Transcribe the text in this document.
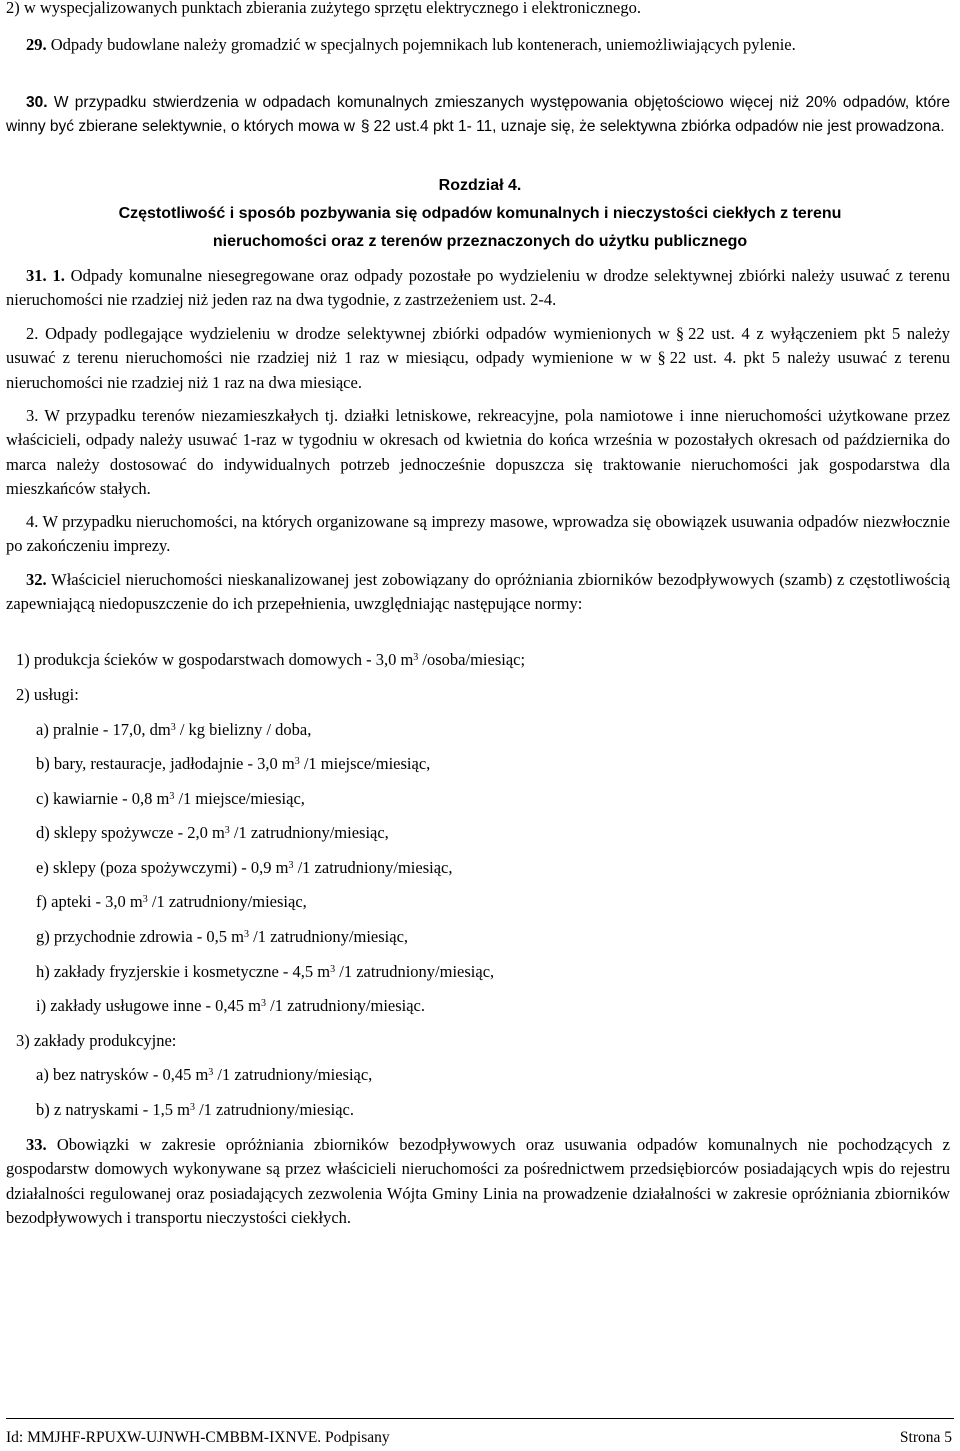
2) w wyspecjalizowanych punktach zbierania zużytego sprzętu elektrycznego i elektronicznego.

29. Odpady budowlane należy gromadzić w specjalnych pojemnikach lub kontenerach, uniemożliwiających pylenie.

30. W przypadku stwierdzenia w odpadach komunalnych zmieszanych występowania objętościowo więcej niż 20% odpadów, które winny być zbierane selektywnie, o których mowa w § 22 ust.4 pkt 1- 11, uznaje się, że selektywna zbiórka odpadów nie jest prowadzona.

Rozdział 4.
Częstotliwość i sposób pozbywania się odpadów komunalnych i nieczystości ciekłych z terenu
nieruchomości oraz z terenów przeznaczonych do użytku publicznego

31. 1. Odpady komunalne niesegregowane oraz odpady pozostałe po wydzieleniu w drodze selektywnej zbiórki należy usuwać z terenu nieruchomości nie rzadziej niż jeden raz na dwa tygodnie, z zastrzeżeniem ust. 2-4.

2. Odpady podlegające wydzieleniu w drodze selektywnej zbiórki odpadów wymienionych w § 22 ust. 4 z wyłączeniem pkt 5 należy usuwać z terenu nieruchomości nie rzadziej niż 1 raz w miesiącu, odpady wymienione w w § 22 ust. 4. pkt 5 należy usuwać z terenu nieruchomości nie rzadziej niż 1 raz na dwa miesiące.

3. W przypadku terenów niezamieszkałych tj. działki letniskowe, rekreacyjne, pola namiotowe i inne nieruchomości użytkowane przez właścicieli, odpady należy usuwać 1-raz w tygodniu w okresach od kwietnia do końca września w pozostałych okresach od października do marca należy dostosować do indywidualnych potrzeb jednocześnie dopuszcza się traktowanie nieruchomości jak gospodarstwa dla mieszkańców stałych.

4. W przypadku nieruchomości, na których organizowane są imprezy masowe, wprowadza się obowiązek usuwania odpadów niezwłocznie po zakończeniu imprezy.

32. Właściciel nieruchomości nieskanalizowanej jest zobowiązany do opróżniania zbiorników bezodpływowych (szamb) z częstotliwością zapewniającą niedopuszczenie do ich przepełnienia, uwzględniając następujące normy:

1) produkcja ścieków w gospodarstwach domowych - 3,0 $m^3$ /osoba/miesiąc;
2) usługi:
a) pralnie - 17,0, $dm^3$ / kg bielizny / doba,
b) bary, restauracje, jadłodajnie - 3,0 $m^3$ /1 miejsce/miesiąc,
c) kawiarnie - 0,8 $m^3$ /1 miejsce/miesiąc,
d) sklepy spożywcze - 2,0 $m^3$ /1 zatrudniony/miesiąc,
e) sklepy (poza spożywczymi) - 0,9 $m^3$ /1 zatrudniony/miesiąc,
f) apteki - 3,0 $m^3$ /1 zatrudniony/miesiąc,
g) przychodnie zdrowia - 0,5 $m^3$ /1 zatrudniony/miesiąc,
h) zakłady fryzjerskie i kosmetyczne - 4,5 $m^3$ /1 zatrudniony/miesiąc,
i) zakłady usługowe inne - 0,45 $m^3$ /1 zatrudniony/miesiąc.
3) zakłady produkcyjne:
a) bez natrysków - 0,45 $m^3$ /1 zatrudniony/miesiąc,
b) z natryskami - 1,5 $m^3$ /1 zatrudniony/miesiąc.

33. Obowiązki w zakresie opróżniania zbiorników bezodpływowych oraz usuwania odpadów komunalnych nie pochodzących z gospodarstw domowych wykonywane są przez właścicieli nieruchomości za pośrednictwem przedsiębiorców posiadających wpis do rejestru działalności regulowanej oraz posiadających zezwolenia Wójta Gminy Linia na prowadzenie działalności w zakresie opróżniania zbiorników bezodpływowych i transportu nieczystości ciekłych.

Id: MMJHF-RPUXW-UJNWH-CMBBM-IXNVE. Podpisany	Strona 5
